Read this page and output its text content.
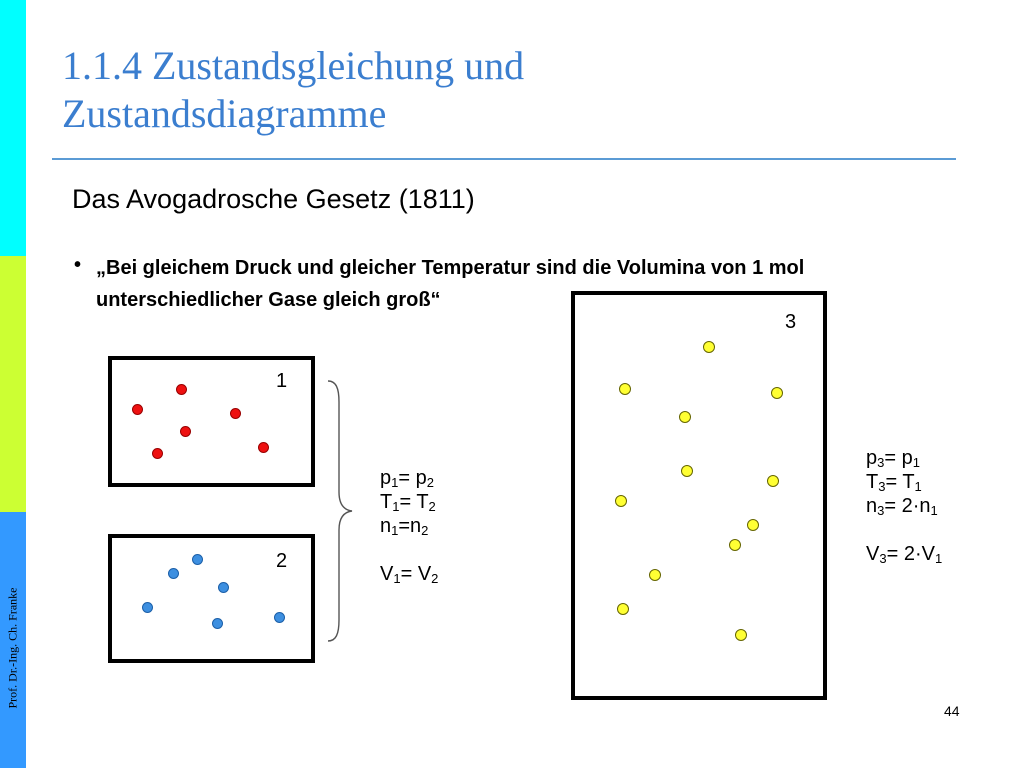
Prof. Dr.-Ing. Ch. Franke
1.1.4 Zustandsgleichung und
Zustandsdiagramme
Das Avogadrosche Gesetz (1811)
• „Bei gleichem Druck und gleicher Temperatur sind die Volumina von 1 mol
unterschiedlicher Gase gleich groß“
1
2
3
$p_1= p_2$
$T_1= T_2$
$n_1=n_2$
$V_1= V_2$
$p_3= p_1$
$T_3= T_1$
$n_3= 2\cdot n_1$
$V_3= 2\cdot V_1$
44
